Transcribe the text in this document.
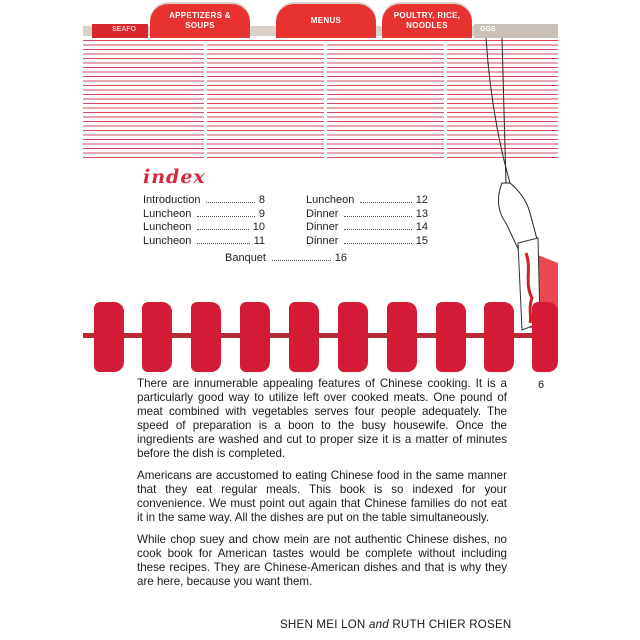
SEAFO	GGS
APPETIZERS & SOUPS
MENUS
POULTRY, RICE, NOODLES
index
Introduction	8
Luncheon	9
Luncheon	10
Luncheon	11
Luncheon	12
Dinner	13
Dinner	14
Dinner	15
Banquet	16
6

There are innumerable appealing features of Chinese cooking. It is a particularly good way to utilize left over cooked meats. One pound of meat combined with vegetables serves four people adequately. The speed of preparation is a boon to the busy housewife. Once the ingredients are washed and cut to proper size it is a matter of minutes before the dish is completed.

Americans are accustomed to eating Chinese food in the same manner that they eat regular meals. This book is so indexed for your convenience. We must point out again that Chinese families do not eat it in the same way. All the dishes are put on the table simultaneously.

While chop suey and chow mein are not authentic Chinese dishes, no cook book for American tastes would be complete without including these recipes. They are Chinese-American dishes and that is why they are here, because you want them.

SHEN MEI LON and RUTH CHIER ROSEN
